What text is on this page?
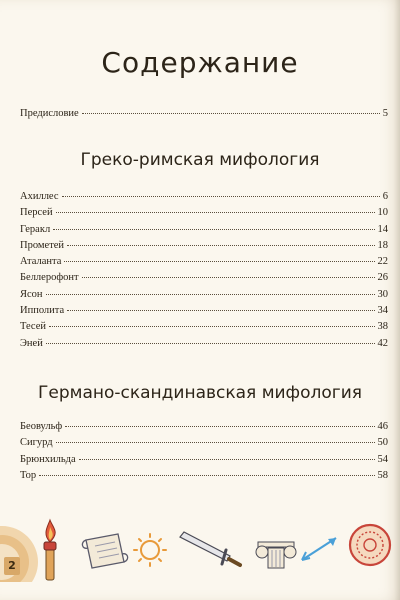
Содержание
Предисловие	5
Греко-римская мифология
Ахиллес	6
Персей	10
Геракл	14
Прометей	18
Аталанта	22
Беллерофонт	26
Ясон	30
Ипполита	34
Тесей	38
Эней	42
Германо-скандинавская мифология
Беовульф	46
Сигурд	50
Брюнхильда	54
Тор	58
2
